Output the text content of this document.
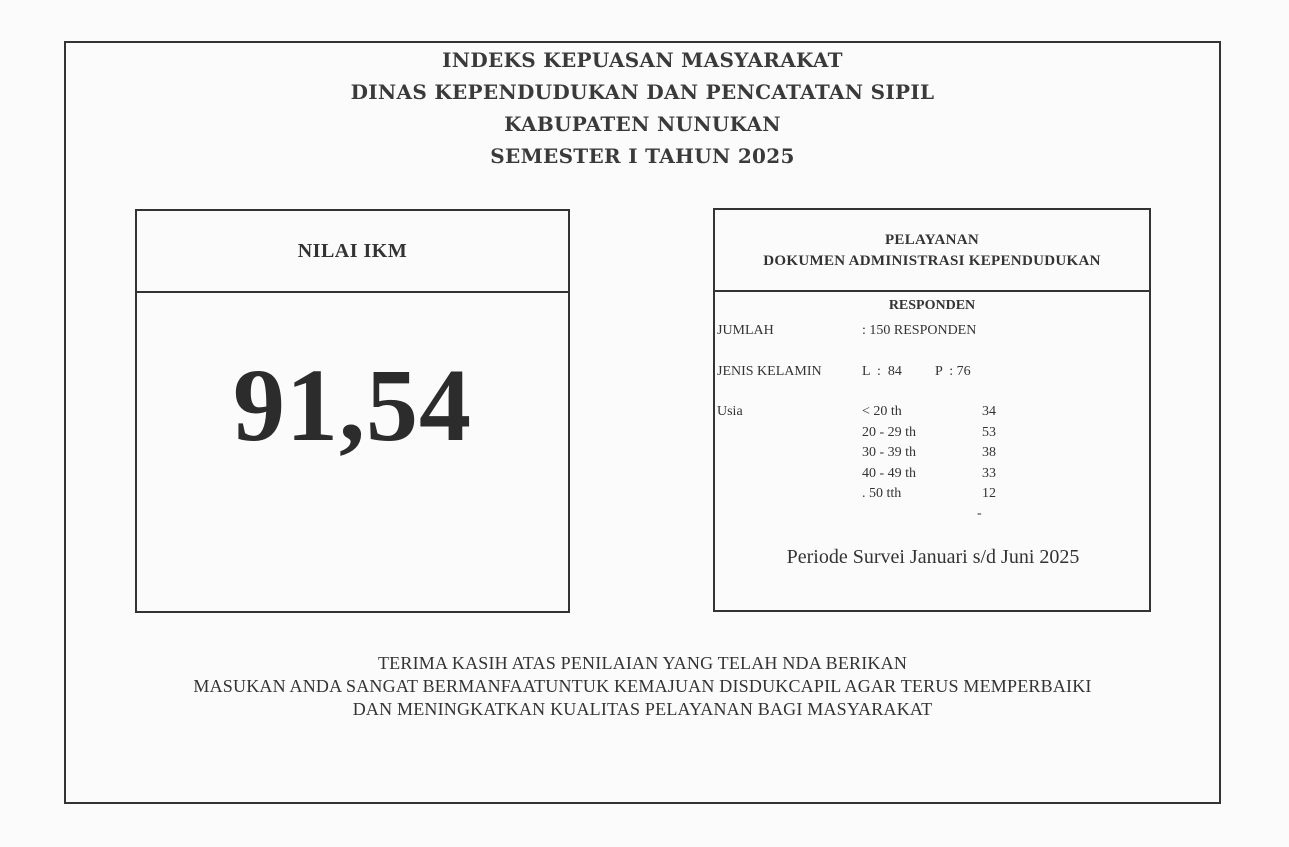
INDEKS KEPUASAN MASYARAKAT
DINAS KEPENDUDUKAN DAN PENCATATAN SIPIL
KABUPATEN NUNUKAN
SEMESTER I TAHUN 2025
NILAI IKM
91,54
PELAYANAN
DOKUMEN ADMINISTRASI KEPENDUDUKAN
RESPONDEN
JUMLAH	: 150 RESPONDEN
JENIS KELAMIN	L  :  84 P  : 76
Usia	< 20 th	34
20 - 29 th	53
30 - 39 th	38
40 - 49 th	33
. 50 tth	12
-
Periode Survei Januari s/d Juni 2025
TERIMA KASIH ATAS PENILAIAN YANG TELAH NDA BERIKAN
MASUKAN ANDA SANGAT BERMANFAATUNTUK KEMAJUAN DISDUKCAPIL AGAR TERUS MEMPERBAIKI
DAN MENINGKATKAN KUALITAS PELAYANAN BAGI MASYARAKAT
